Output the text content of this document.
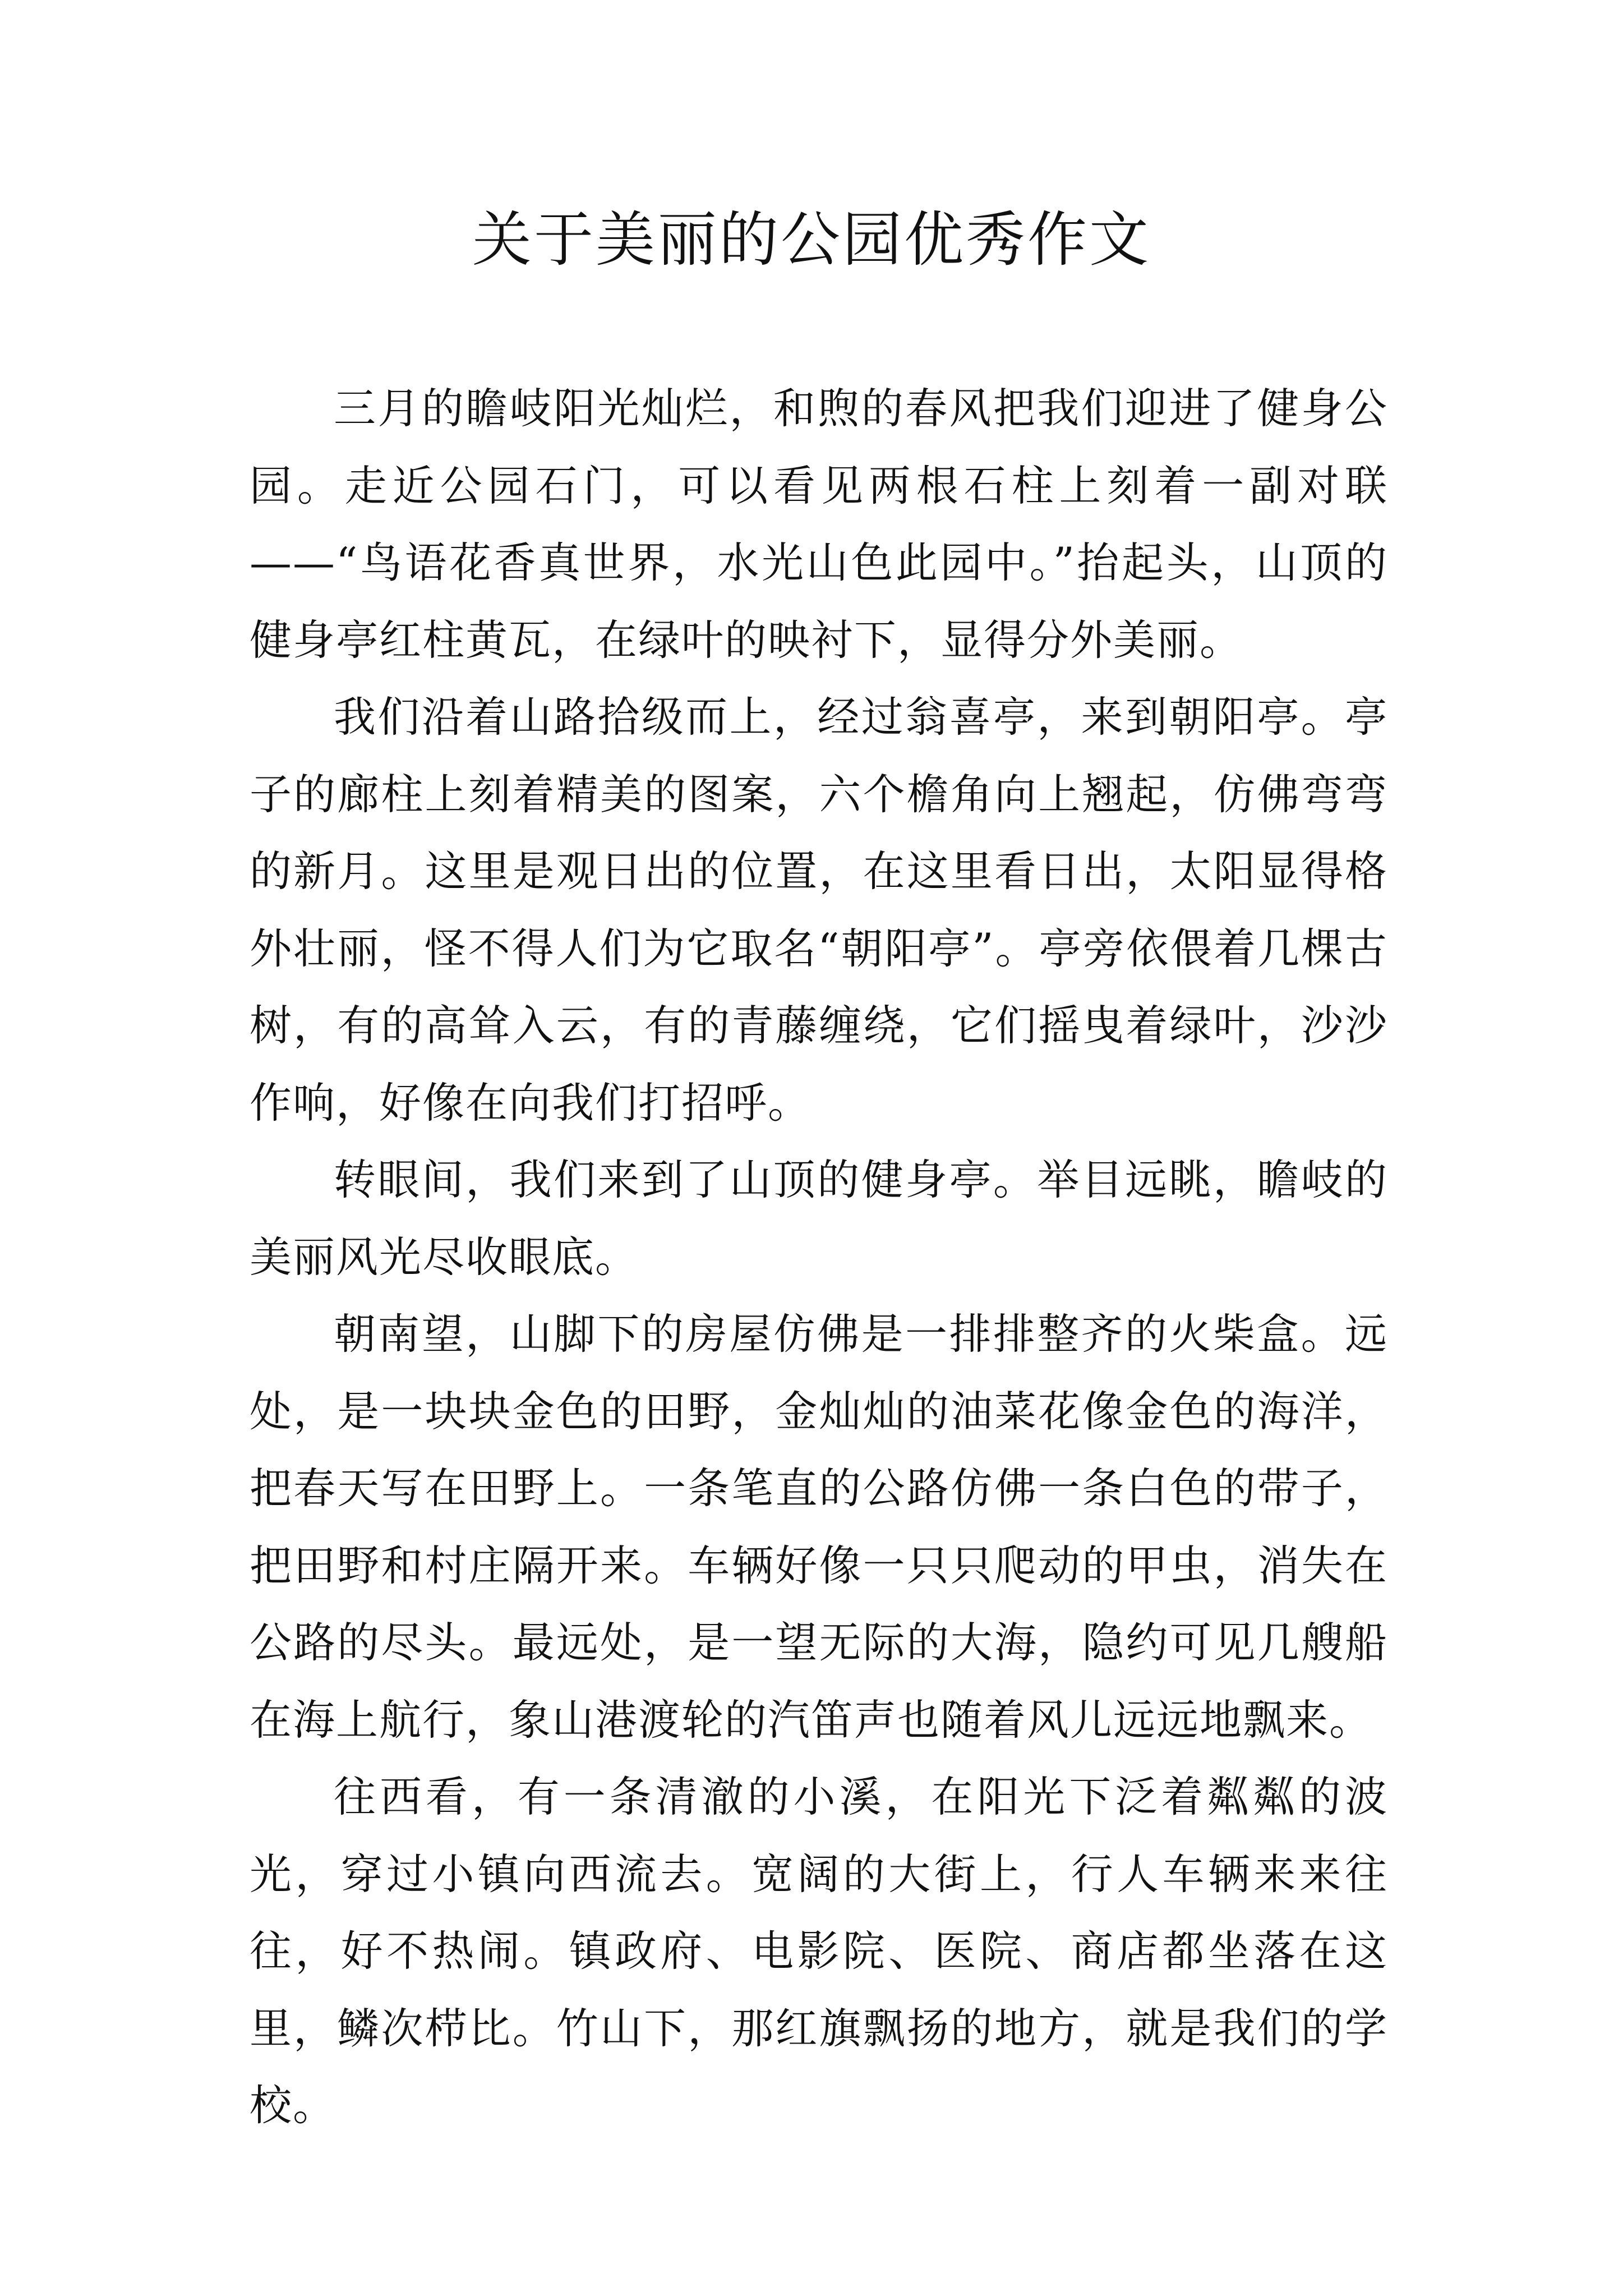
关于美丽的公园优秀作文

三月的瞻岐阳光灿烂，和煦的春风把我们迎进了健身公园。走近公园石门，可以看见两根石柱上刻着一副对联——“鸟语花香真世界，水光山色此园中。”抬起头，山顶的健身亭红柱黄瓦，在绿叶的映衬下，显得分外美丽。

我们沿着山路拾级而上，经过翁喜亭，来到朝阳亭。亭子的廊柱上刻着精美的图案，六个檐角向上翘起，仿佛弯弯的新月。这里是观日出的位置，在这里看日出，太阳显得格外壮丽，怪不得人们为它取名“朝阳亭”。亭旁依偎着几棵古树，有的高耸入云，有的青藤缠绕，它们摇曳着绿叶，沙沙作响，好像在向我们打招呼。

转眼间，我们来到了山顶的健身亭。举目远眺，瞻岐的美丽风光尽收眼底。

朝南望，山脚下的房屋仿佛是一排排整齐的火柴盒。远处，是一块块金色的田野，金灿灿的油菜花像金色的海洋，把春天写在田野上。一条笔直的公路仿佛一条白色的带子，把田野和村庄隔开来。车辆好像一只只爬动的甲虫，消失在公路的尽头。最远处，是一望无际的大海，隐约可见几艘船在海上航行，象山港渡轮的汽笛声也随着风儿远远地飘来。

往西看，有一条清澈的小溪，在阳光下泛着粼粼的波光，穿过小镇向西流去。宽阔的大街上，行人车辆来来往往，好不热闹。镇政府、电影院、医院、商店都坐落在这里，鳞次栉比。竹山下，那红旗飘扬的地方，就是我们的学校。
